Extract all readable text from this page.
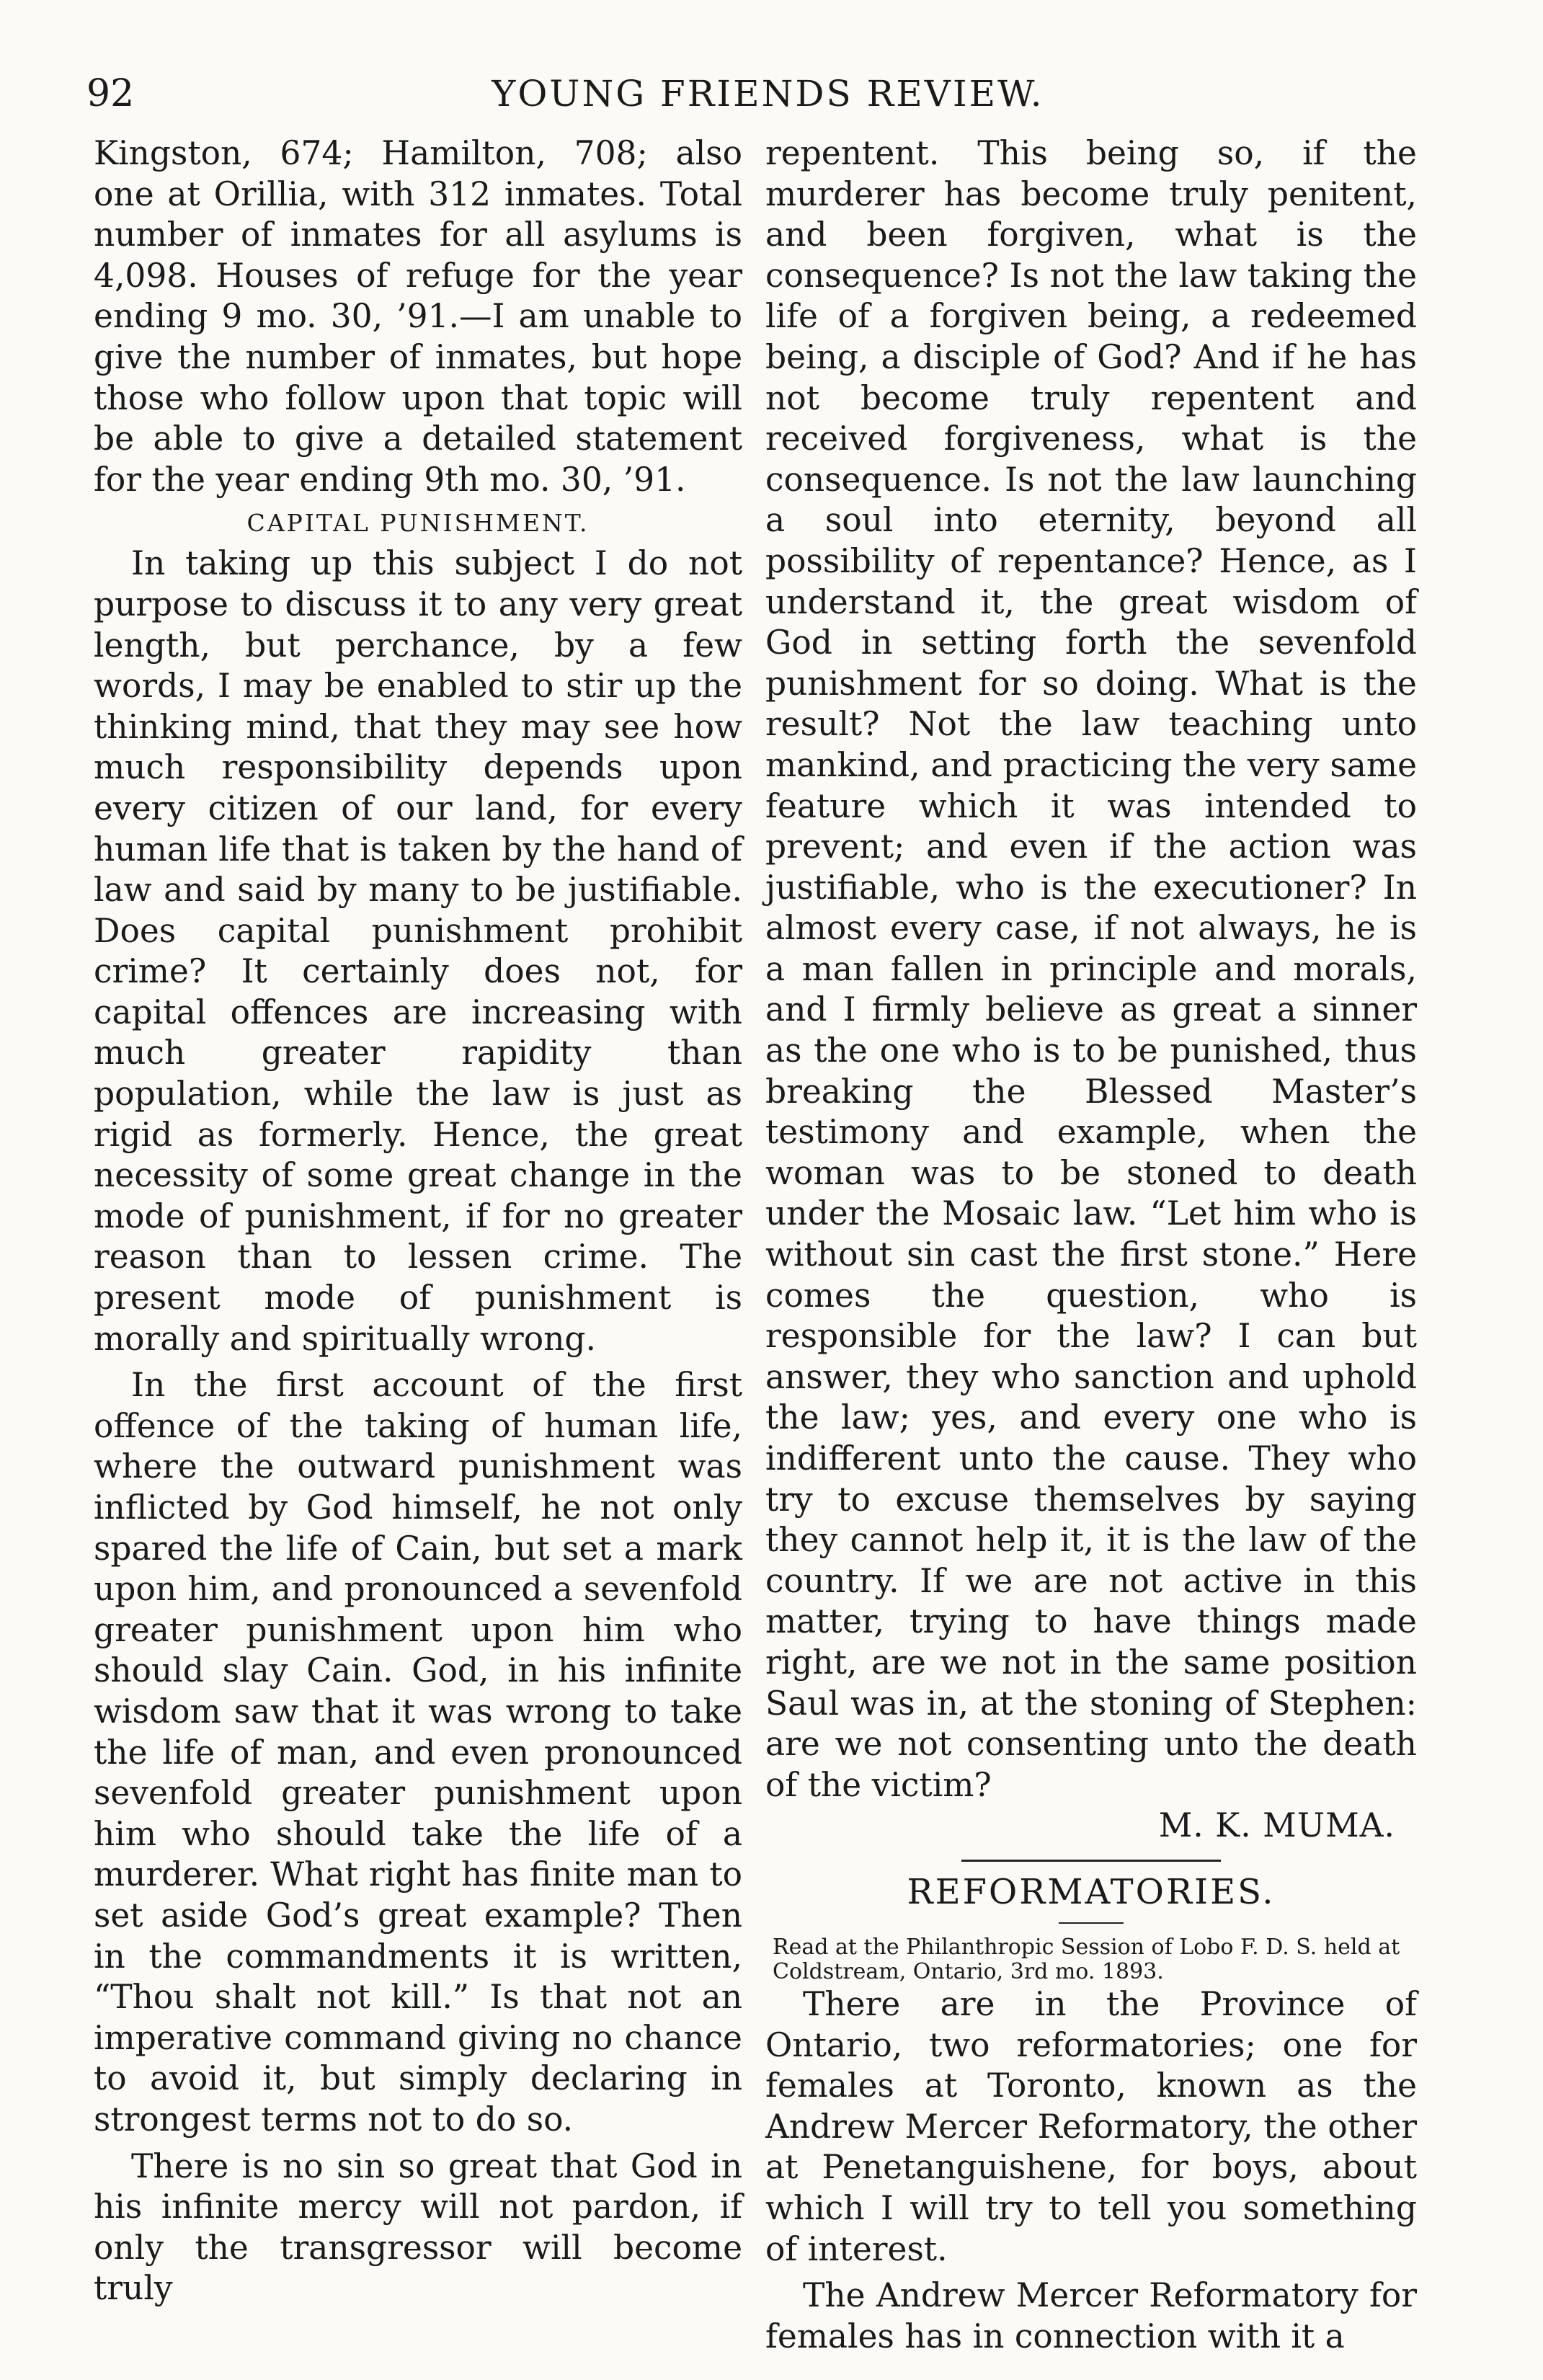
92	YOUNG FRIENDS REVIEW.

Kingston, 674; Hamilton, 708; also one at Orillia, with 312 inmates. Total number of inmates for all asylums is 4,098. Houses of refuge for the year ending 9 mo. 30, ’91.—I am unable to give the number of inmates, but hope those who follow upon that topic will be able to give a detailed statement for the year ending 9th mo. 30, ’91.

CAPITAL PUNISHMENT.

In taking up this subject I do not purpose to discuss it to any very great length, but perchance, by a few words, I may be enabled to stir up the thinking mind, that they may see how much responsibility depends upon every citizen of our land, for every human life that is taken by the hand of law and said by many to be justifiable. Does capital punishment prohibit crime? It certainly does not, for capital offences are increasing with much greater rapidity than population, while the law is just as rigid as formerly. Hence, the great necessity of some great change in the mode of punishment, if for no greater reason than to lessen crime. The present mode of punishment is morally and spiritually wrong.

In the first account of the first offence of the taking of human life, where the outward punishment was inflicted by God himself, he not only spared the life of Cain, but set a mark upon him, and pronounced a sevenfold greater punishment upon him who should slay Cain. God, in his infinite wisdom saw that it was wrong to take the life of man, and even pronounced sevenfold greater punishment upon him who should take the life of a murderer. What right has finite man to set aside God’s great example? Then in the commandments it is written, “Thou shalt not kill.” Is that not an imperative command giving no chance to avoid it, but simply declaring in strongest terms not to do so.

There is no sin so great that God in his infinite mercy will not pardon, if only the transgressor will become truly

repentent. This being so, if the murderer has become truly penitent, and been forgiven, what is the consequence? Is not the law taking the life of a forgiven being, a redeemed being, a disciple of God? And if he has not become truly repentent and received forgiveness, what is the consequence. Is not the law launching a soul into eternity, beyond all possibility of repentance? Hence, as I understand it, the great wisdom of God in setting forth the sevenfold punishment for so doing. What is the result? Not the law teaching unto mankind, and practicing the very same feature which it was intended to prevent; and even if the action was justifiable, who is the executioner? In almost every case, if not always, he is a man fallen in principle and morals, and I firmly believe as great a sinner as the one who is to be punished, thus breaking the Blessed Master’s testimony and example, when the woman was to be stoned to death under the Mosaic law. “Let him who is without sin cast the first stone.” Here comes the question, who is responsible for the law? I can but answer, they who sanction and uphold the law; yes, and every one who is indifferent unto the cause. They who try to excuse themselves by saying they cannot help it, it is the law of the country. If we are not active in this matter, trying to have things made right, are we not in the same position Saul was in, at the stoning of Stephen: are we not consenting unto the death of the victim?

M. K. MUMA.
REFORMATORIES.

Read at the Philanthropic Session of Lobo F. D. S. held at Coldstream, Ontario, 3rd mo. 1893.

There are in the Province of Ontario, two reformatories; one for females at Toronto, known as the Andrew Mercer Reformatory, the other at Penetanguishene, for boys, about which I will try to tell you something of interest.

The Andrew Mercer Reformatory for females has in connection with it a
